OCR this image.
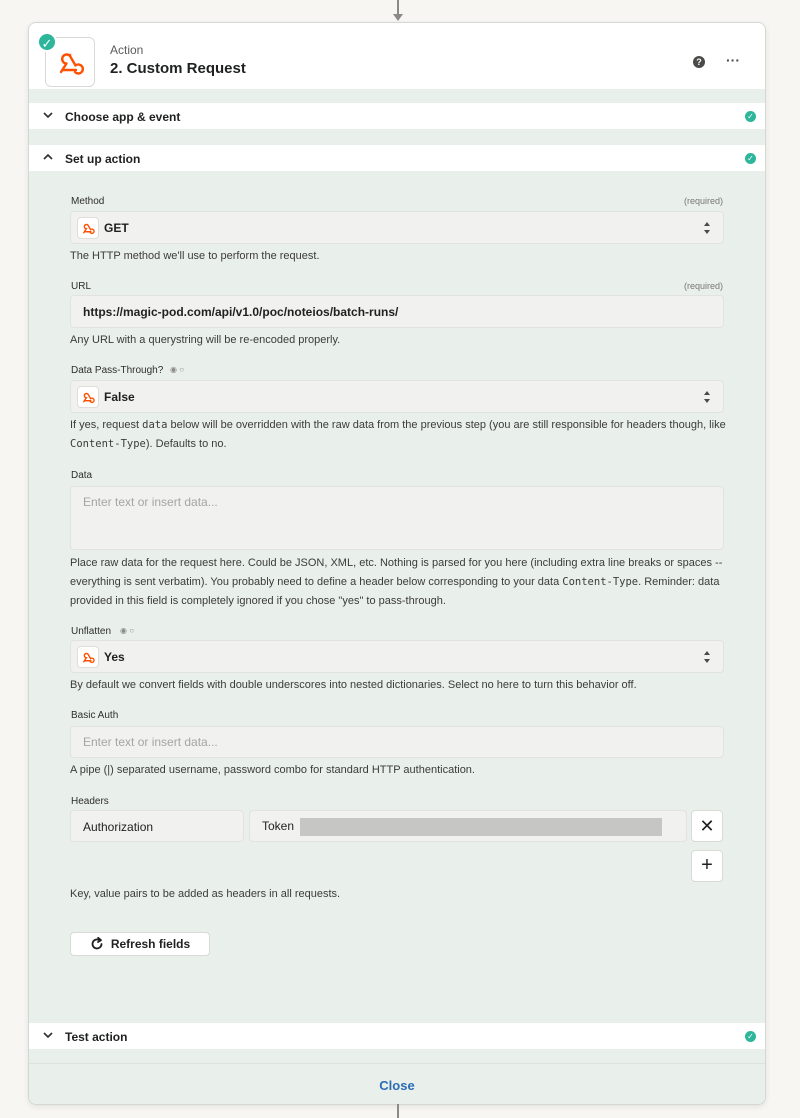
✓	Action
2. Custom Request	? ···
Choose app & event	✓
Set up action	✓
Method	(required)
GET
The HTTP method we'll use to perform the request.
URL	(required)
https://magic-pod.com/api/v1.0/poc/noteios/batch-runs/
Any URL with a querystring will be re-encoded properly.
Data Pass-Through? ◉ ○
False
If yes, request data below will be overridden with the raw data from the previous step (you are still responsible for headers though, like Content-Type). Defaults to no.
Data
Enter text or insert data...
Place raw data for the request here. Could be JSON, XML, etc. Nothing is parsed for you here (including extra line breaks or spaces -- everything is sent verbatim). You probably need to define a header below corresponding to your data Content-Type. Reminder: data provided in this field is completely ignored if you chose "yes" to pass-through.
Unflatten ◉ ○
Yes
By default we convert fields with double underscores into nested dictionaries. Select no here to turn this behavior off.
Basic Auth
Enter text or insert data...
A pipe (|) separated username, password combo for standard HTTP authentication.
Headers
Authorization	Token	✕
+
Key, value pairs to be added as headers in all requests.
Refresh fields
Test action	✓
Close
